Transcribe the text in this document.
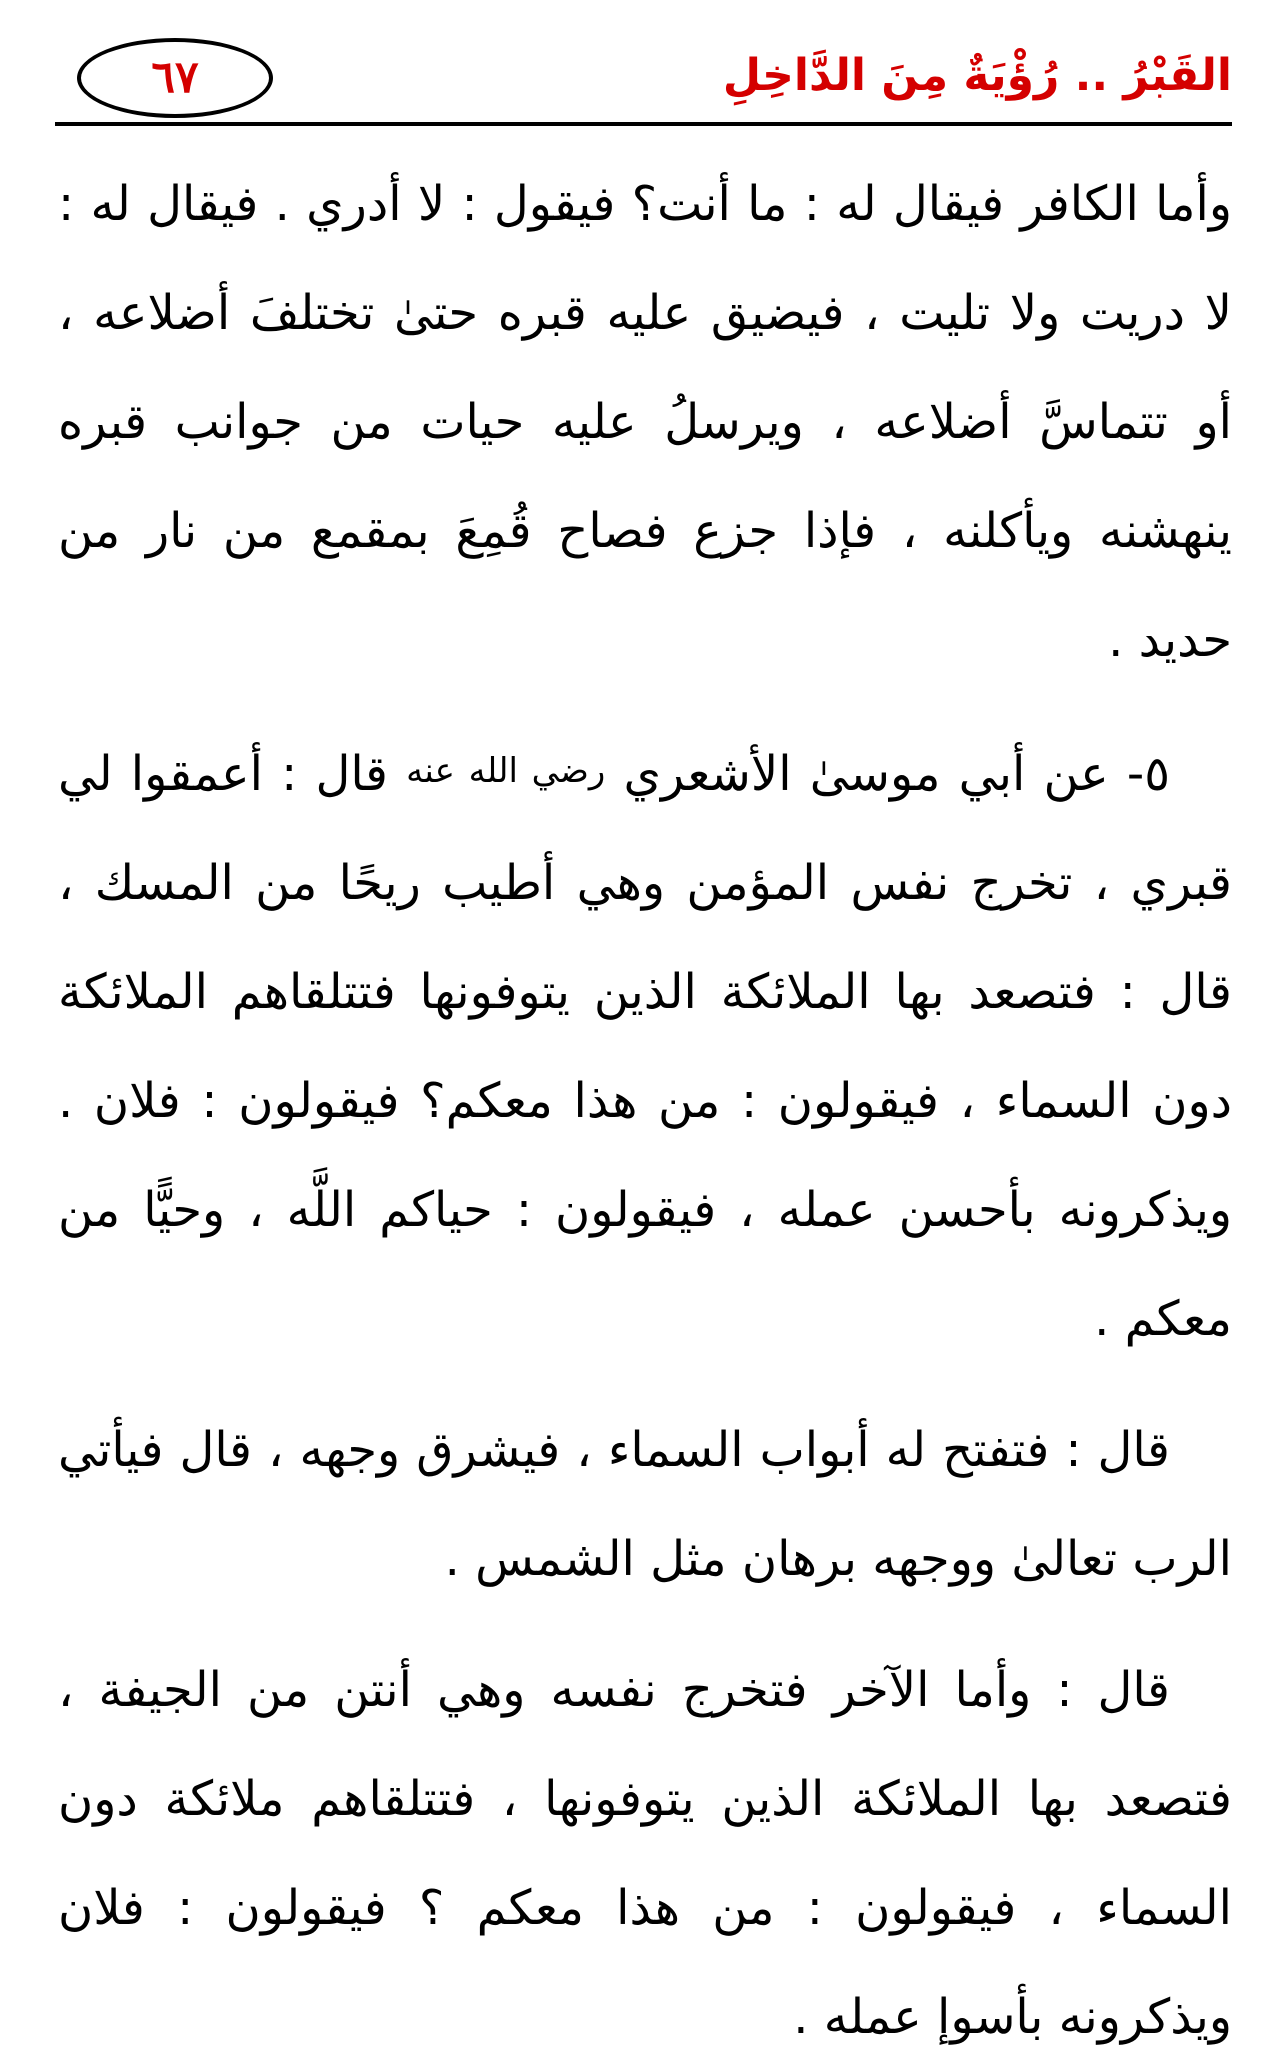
٦٧	القَبْرُ .. رُؤْيَةٌ مِنَ الدَّاخِلِ

وأما الكافر فيقال له : ما أنت؟ فيقول : لا أدري . فيقال له : لا دريت ولا تليت ، فيضيق عليه قبره حتىٰ تختلفَ أضلاعه ، أو تتماسَّ أضلاعه ، ويرسلُ عليه حيات من جوانب قبره ينهشنه ويأكلنه ، فإذا جزع فصاح قُمِعَ بمقمع من نار من حديد .

٥- عن أبي موسىٰ الأشعري رضي الله عنه قال : أعمقوا لي قبري ، تخرج نفس المؤمن وهي أطيب ريحًا من المسك ، قال : فتصعد بها الملائكة الذين يتوفونها فتتلقاهم الملائكة دون السماء ، فيقولون : من هذا معكم؟ فيقولون : فلان . ويذكرونه بأحسن عمله ، فيقولون : حياكم اللَّه ، وحيًّا من معكم .

قال : فتفتح له أبواب السماء ، فيشرق وجهه ، قال فيأتي الرب تعالىٰ ووجهه برهان مثل الشمس .

قال : وأما الآخر فتخرج نفسه وهي أنتن من الجيفة ، فتصعد بها الملائكة الذين يتوفونها ، فتتلقاهم ملائكة دون السماء ، فيقولون : من هذا معكم ؟ فيقولون : فلان ويذكرونه بأسوإ عمله .
